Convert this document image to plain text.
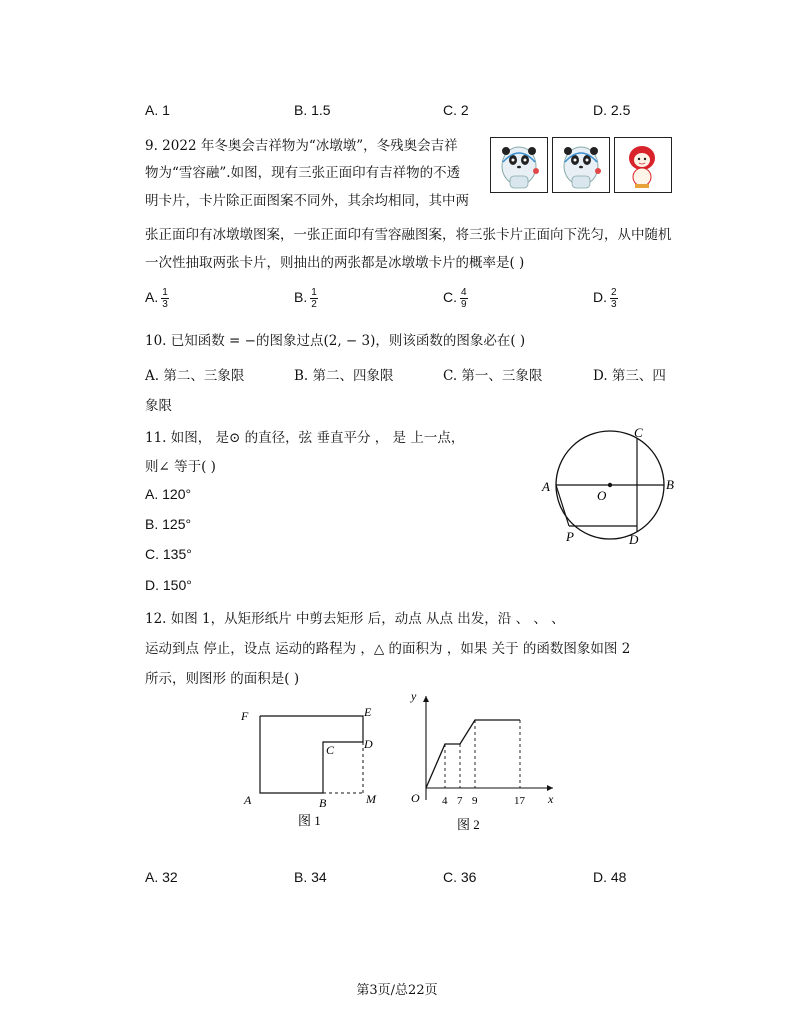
A. 1	B. 1.5	C. 2	D. 2.5
9. 2022 年冬奥会吉祥物为“冰墩墩”，冬残奥会吉祥
物为“雪容融”.如图，现有三张正面印有吉祥物的不透
明卡片，卡片除正面图案不同外，其余均相同，其中两
张正面印有冰墩墩图案，一张正面印有雪容融图案，将三张卡片正面向下洗匀，从中随机
一次性抽取两张卡片，则抽出的两张都是冰墩墩卡片的概率是( )
A. $\frac{1}{3}$	B. $\frac{1}{2}$	C. $\frac{4}{9}$	D. $\frac{2}{3}$
10. 已知函数 = −的图象过点(2, − 3)，则该函数的图象必在( )
A. 第二、三象限	B. 第二、四象限	C. 第一、三象限	D. 第三、四
象限
11. 如图， 是⊙ 的直径，弦 垂直平分 ， 是 上一点，
则∠ 等于( )
A. 120°
B. 125°
C. 135°
D. 150°
A	B
C
O
P	D
12. 如图 1，从矩形纸片 中剪去矩形 后，动点 从点 出发，沿 、 、 、
运动到点 停止，设点 运动的路程为 ，△ 的面积为 ，如果 关于 的函数图象如图 2
所示，则图形 的面积是( )
F	E
C D
A	B	M
图 1
y
x
O 4 7 9	17
图 2
A. 32	B. 34	C. 36	D. 48
第3页/总22页
